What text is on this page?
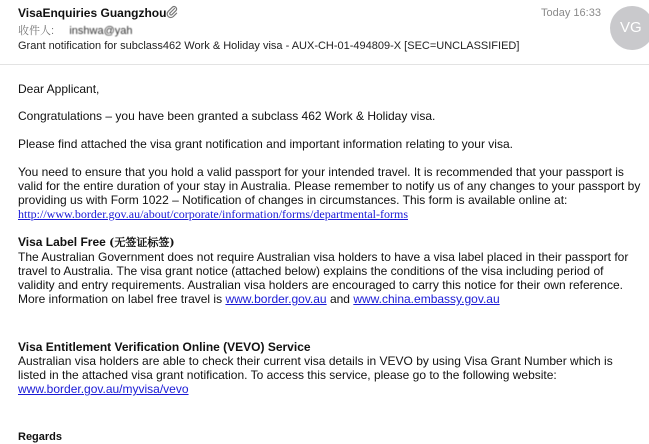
VisaEnquiries Guangzhou	Today 16:33
VG
收件人:     inshwa@yah
Grant notification for subclass462 Work & Holiday visa - AUX-CH-01-494809-X [SEC=UNCLASSIFIED]

Dear Applicant,

Congratulations – you have been granted a subclass 462 Work & Holiday visa.

Please find attached the visa grant notification and important information relating to your visa.

You need to ensure that you hold a valid passport for your intended travel. It is recommended that your passport is valid for the entire duration of your stay in Australia. Please remember to notify us of any changes to your passport by providing us with Form 1022 – Notification of changes in circumstances. This form is available online at:
http://www.border.gov.au/about/corporate/information/forms/departmental-forms

Visa Label Free (无签证标签)

The Australian Government does not require Australian visa holders to have a visa label placed in their passport for travel to Australia. The visa grant notice (attached below) explains the conditions of the visa including period of validity and entry requirements. Australian visa holders are encouraged to carry this notice for their own reference. More information on label free travel is www.border.gov.au and www.china.embassy.gov.au

Visa Entitlement Verification Online (VEVO) Service

Australian visa holders are able to check their current visa details in VEVO by using Visa Grant Number which is listed in the attached visa grant notification. To access this service, please go to the following website:
www.border.gov.au/myvisa/vevo

Regards
